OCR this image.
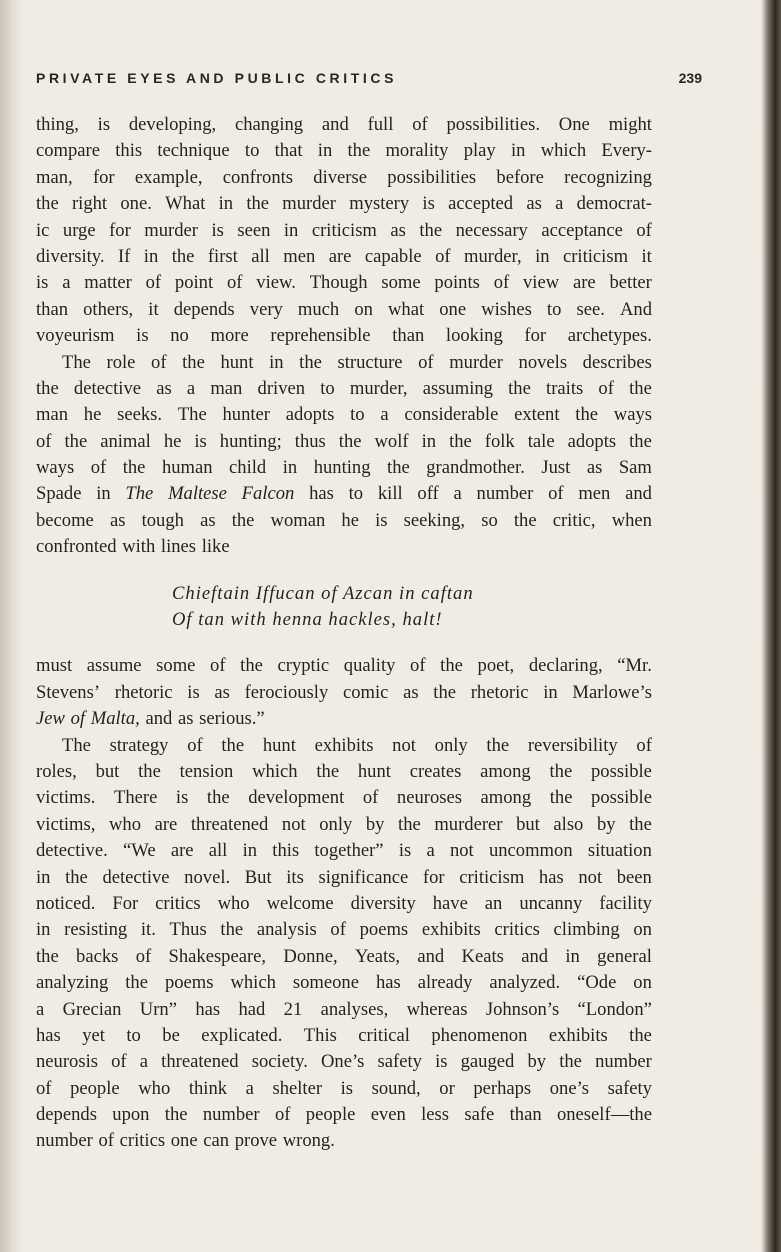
PRIVATE EYES AND PUBLIC CRITICS	239
thing, is developing, changing and full of possibilities. One might
compare this technique to that in the morality play in which Every-
man, for example, confronts diverse possibilities before recognizing
the right one. What in the murder mystery is accepted as a democrat-
ic urge for murder is seen in criticism as the necessary acceptance of
diversity. If in the first all men are capable of murder, in criticism it
is a matter of point of view. Though some points of view are better
than others, it depends very much on what one wishes to see. And
voyeurism is no more reprehensible than looking for archetypes.
The role of the hunt in the structure of murder novels describes
the detective as a man driven to murder, assuming the traits of the
man he seeks. The hunter adopts to a considerable extent the ways
of the animal he is hunting; thus the wolf in the folk tale adopts the
ways of the human child in hunting the grandmother. Just as Sam
Spade in The Maltese Falcon has to kill off a number of men and
become as tough as the woman he is seeking, so the critic, when
confronted
with
lines
like
Chieftain Iffucan of Azcan in caftan
Of tan with henna hackles, halt!
must assume some of the cryptic quality of the poet, declaring, “Mr.
Stevens’ rhetoric is as ferociously comic as the rhetoric in Marlowe’s
Jew
of
Malta,
and
as
serious.”
The strategy of the hunt exhibits not only the reversibility of
roles, but the tension which the hunt creates among the possible
victims. There is the development of neuroses among the possible
victims, who are threatened not only by the murderer but also by the
detective. “We are all in this together” is a not uncommon situation
in the detective novel. But its significance for criticism has not been
noticed. For critics who welcome diversity have an uncanny facility
in resisting it. Thus the analysis of poems exhibits critics climbing on
the backs of Shakespeare, Donne, Yeats, and Keats and in general
analyzing the poems which someone has already analyzed. “Ode on
a Grecian Urn” has had 21 analyses, whereas Johnson’s “London”
has yet to be explicated. This critical phenomenon exhibits the
neurosis of a threatened society. One’s safety is gauged by the number
of people who think a shelter is sound, or perhaps one’s safety
depends upon the number of people even less safe than oneself—the
number
of
critics
one
can
prove
wrong.
